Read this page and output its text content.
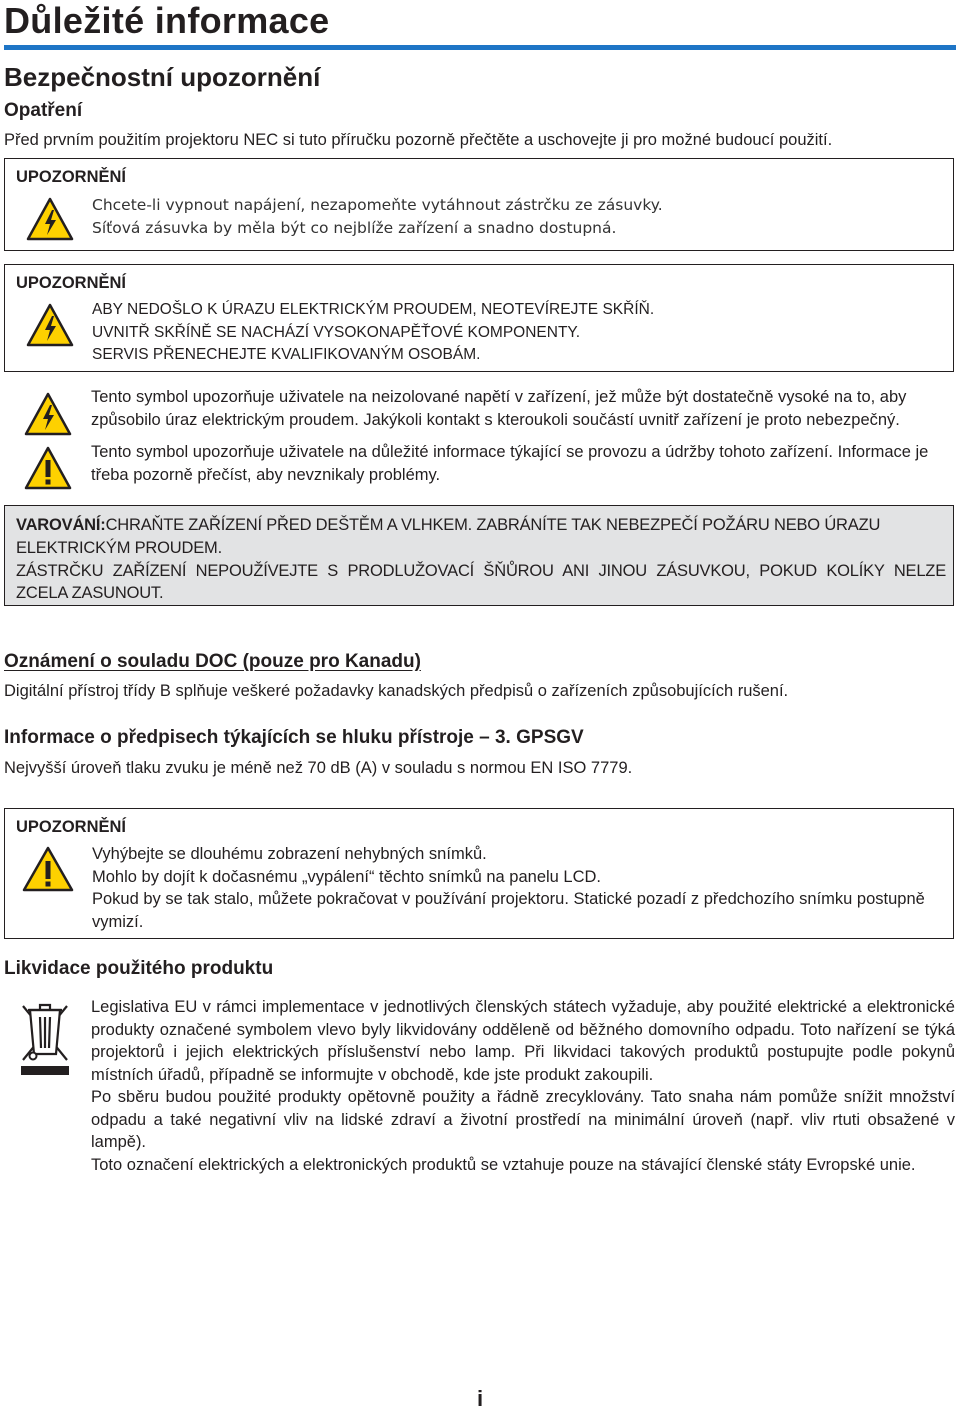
Důležité informace
Bezpečnostní upozornění
Opatření
Před prvním použitím projektoru NEC si tuto příručku pozorně přečtěte a uschovejte ji pro možné budoucí použití.
UPOZORNĚNÍ
Chcete-li vypnout napájení, nezapomeňte vytáhnout zástrčku ze zásuvky.
Síťová zásuvka by měla být co nejblíže zařízení a snadno dostupná.
UPOZORNĚNÍ
ABY NEDOŠLO K ÚRAZU ELEKTRICKÝM PROUDEM, NEOTEVÍREJTE SKŘÍŇ.
UVNITŘ SKŘÍNĚ SE NACHÁZÍ VYSOKONAPĚŤOVÉ KOMPONENTY.
SERVIS PŘENECHEJTE KVALIFIKOVANÝM OSOBÁM.
Tento symbol upozorňuje uživatele na neizolované napětí v zařízení, jež může být dostatečně vysoké na to, aby způsobilo úraz elektrickým proudem. Jakýkoli kontakt s kteroukoli součástí uvnitř zařízení je proto nebezpečný.
Tento symbol upozorňuje uživatele na důležité informace týkající se provozu a údržby tohoto zařízení. Informace je třeba pozorně přečíst, aby nevznikaly problémy.
VAROVÁNÍ:CHRAŇTE ZAŘÍZENÍ PŘED DEŠTĚM A VLHKEM. ZABRÁNÍTE TAK NEBEZPEČÍ POŽÁRU NEBO ÚRAZU ELEKTRICKÝM PROUDEM.
ZÁSTRČKU ZAŘÍZENÍ NEPOUŽÍVEJTE S PRODLUŽOVACÍ ŠŇŮROU ANI JINOU ZÁSUVKOU, POKUD KOLÍKY NELZE ZCELA ZASUNOUT.
Oznámení o souladu DOC (pouze pro Kanadu)
Digitální přístroj třídy B splňuje veškeré požadavky kanadských předpisů o zařízeních způsobujících rušení.
Informace o předpisech týkajících se hluku přístroje – 3. GPSGV
Nejvyšší úroveň tlaku zvuku je méně než 70 dB (A) v souladu s normou EN ISO 7779.
UPOZORNĚNÍ
Vyhýbejte se dlouhému zobrazení nehybných snímků.
Mohlo by dojít k dočasnému „vypálení“ těchto snímků na panelu LCD.
Pokud by se tak stalo, můžete pokračovat v používání projektoru. Statické pozadí z předchozího snímku postupně vymizí.
Likvidace použitého produktu
Legislativa EU v rámci implementace v jednotlivých členských státech vyžaduje, aby použité elektrické a elektronické produkty označené symbolem vlevo byly likvidovány odděleně od běžného domovního odpadu. Toto nařízení se týká projektorů i jejich elektrických příslušenství nebo lamp. Při likvidaci takových produktů postupujte podle pokynů místních úřadů, případně se informujte v obchodě, kde jste produkt zakoupili.
Po sběru budou použité produkty opětovně použity a řádně zrecyklovány. Tato snaha nám pomůže snížit množství odpadu a také negativní vliv na lidské zdraví a životní prostředí na minimální úroveň (např. vliv rtuti obsažené v lampě).
Toto označení elektrických a elektronických produktů se vztahuje pouze na stávající členské státy Evropské unie.
i
